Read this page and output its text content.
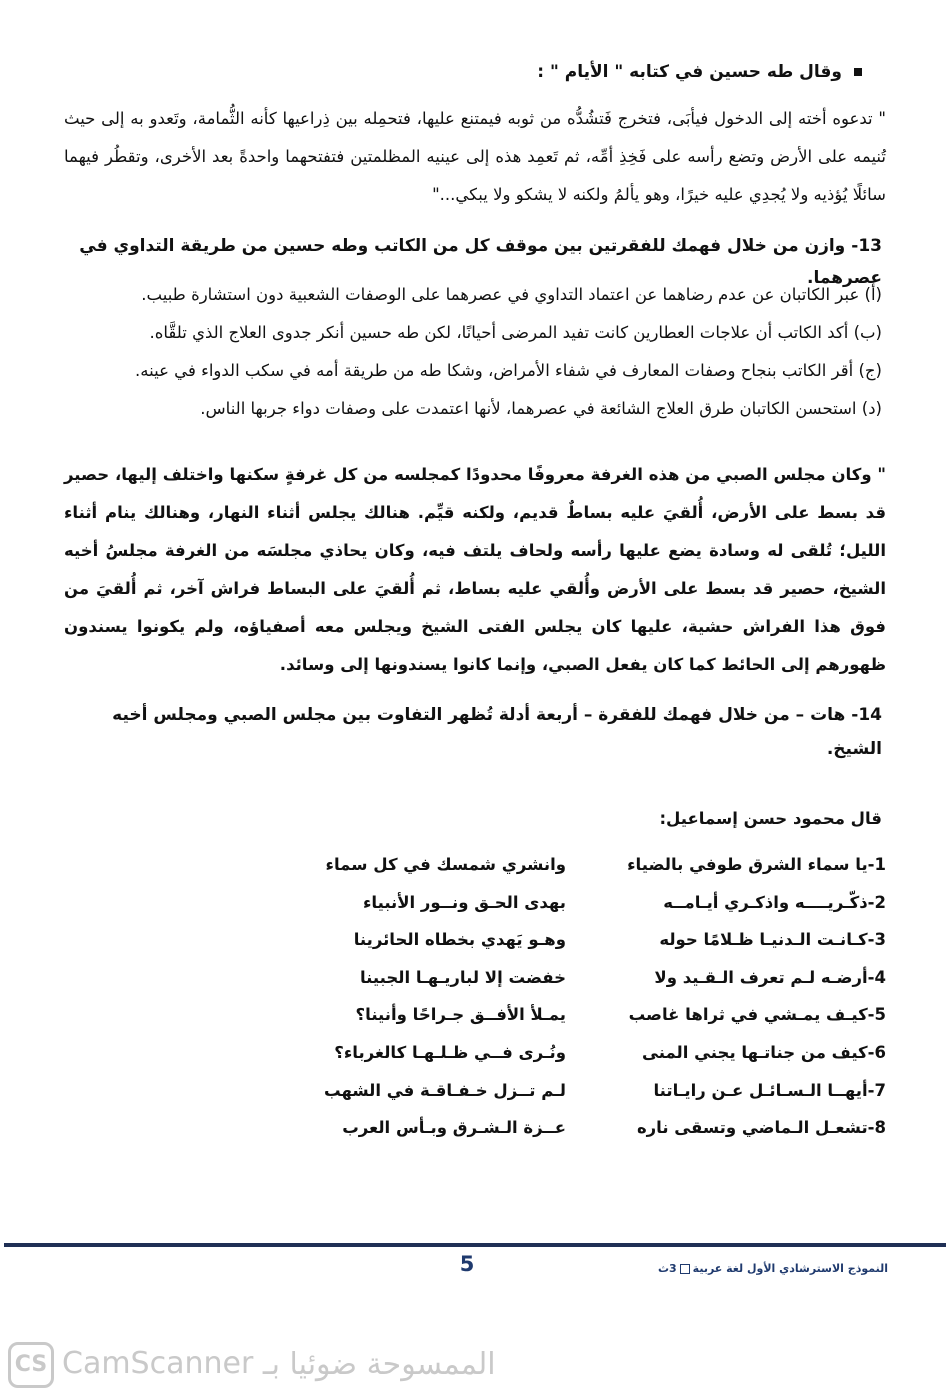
وقال طه حسين في كتابه " الأيام " :
" تدعوه أخته إلى الدخول فيأبَى، فتخرج فَتشُدُّه من ثوبه فيمتنع عليها، فتحمِله بين ذِراعيها كأنه الثُّمامة، وتَعدو به إلى حيث تُنيمه على الأرض وتضع رأسه على فَخِذِ أمِّه، ثم تَعمِد هذه إلى عينيه المظلمتين فتفتحهما واحدةً بعد الأخرى، وتقطُر فيهما سائلًا يُؤذيه ولا يُجدِي عليه خيرًا، وهو يألمُ ولكنه لا يشكو ولا يبكي..."
13-وازن من خلال فهمك للفقرتين بين موقف كل من الكاتب وطه حسين من طريقة التداوي في عصرهما.
(أ) عبر الكاتبان عن عدم رضاهما عن اعتماد التداوي في عصرهما على الوصفات الشعبية دون استشارة طبيب.
(ب) أكد الكاتب أن علاجات العطارين كانت تفيد المرضى أحيانًا، لكن طه حسين أنكر جدوى العلاج الذي تلقَّاه.
(ج) أقر الكاتب بنجاح وصفات المعارف في شفاء الأمراض، وشكا طه من طريقة أمه في سكب الدواء في عينه.
(د) استحسن الكاتبان طرق العلاج الشائعة في عصرهما، لأنها اعتمدت على وصفات دواء جربها الناس.
" وكان مجلس الصبي من هذه الغرفة معروفًا محدودًا كمجلسه من كل غرفةٍ سكنها واختلف إليها، حصير قد بسط على الأرض، أُلقيَ عليه بساطٌ قديم، ولكنه قيِّم. هنالك يجلس أثناء النهار، وهنالك ينام أثناء الليل؛ تُلقى له وسادة يضع عليها رأسه ولحاف يلتف فيه، وكان يحاذي مجلسَه من الغرفة مجلسُ أخيه الشيخ، حصير قد بسط على الأرض وأُلقي عليه بساط، ثم أُلقيَ على البساط فراش آخر، ثم أُلقيَ من فوق هذا الفراش حشية، عليها كان يجلس الفتى الشيخ ويجلس معه أصفياؤه، ولم يكونوا يسندون ظهورهم إلى الحائط كما كان يفعل الصبي، وإنما كانوا يسندونها إلى وسائد.
14- هات – من خلال فهمك للفقرة – أربعة أدلة تُظهر التفاوت بين مجلس الصبي ومجلس أخيه الشيخ.
قال محمود حسن إسماعيل:
1-يا سماء الشرق طوفي بالضياء
وانشري شمسك في كل سماء
2-ذكّـريــــه واذكـري أيـامــه
بهدى الحـق ونــور الأنبياء
3-كـانـت الـدنيـا ظـلامًا حوله
وهـو يَهدي بخطاه الحائرينا
4-أرضـه لـم تعرف الـقـيد ولا
خفضت إلا لباريـهـا الجبينا
5-كيـف يمـشي في ثراها غاصب
يمـلأ الأفــق جـراحًا وأنينا؟
6-كيف من جناتـها يجني المنى
ونُـرى فــي ظـلـهـا كالغرباء؟
7-أيهــا الـسـائـل عـن رايـاتنا
لـم تــزل خـفـاقـة في الشهب
8-تشعـل الـماضي وتسقى ناره
عــزة الـشـرق وبـأس العرب
5	النموذج الاسترشادي الأول لغة عربية3ث
CS CamScanner الممسوحة ضوئيا بـ
